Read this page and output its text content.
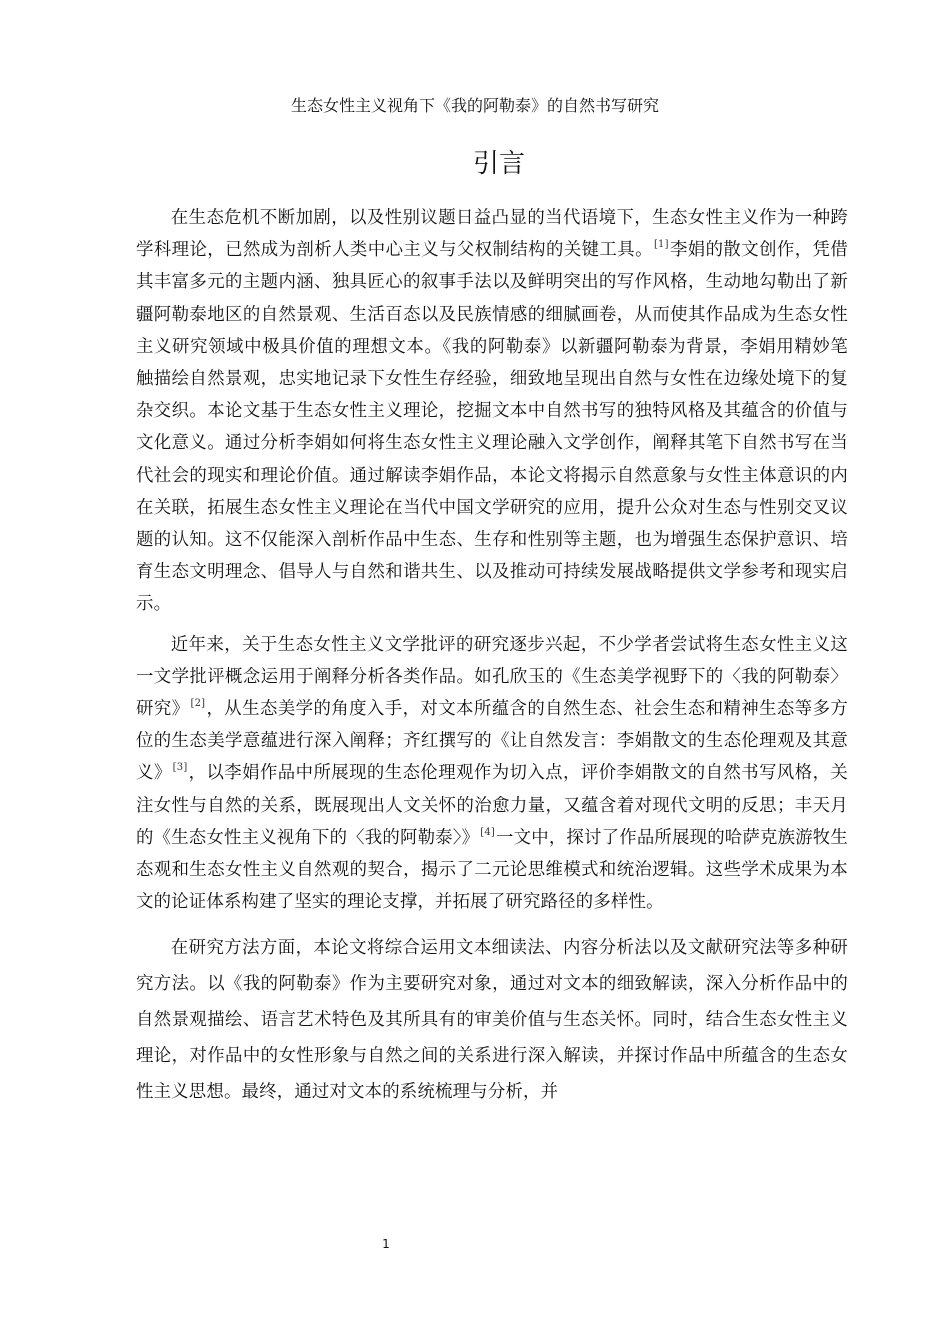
生态女性主义视角下《我的阿勒泰》的自然书写研究
引言

在生态危机不断加剧，以及性别议题日益凸显的当代语境下，生态女性主义作为一种跨学科理论，已然成为剖析人类中心主义与父权制结构的关键工具。[1]李娟的散文创作，凭借其丰富多元的主题内涵、独具匠心的叙事手法以及鲜明突出的写作风格，生动地勾勒出了新疆阿勒泰地区的自然景观、生活百态以及民族情感的细腻画卷，从而使其作品成为生态女性主义研究领域中极具价值的理想文本。《我的阿勒泰》以新疆阿勒泰为背景，李娟用精妙笔触描绘自然景观，忠实地记录下女性生存经验，细致地呈现出自然与女性在边缘处境下的复杂交织。本论文基于生态女性主义理论，挖掘文本中自然书写的独特风格及其蕴含的价值与文化意义。通过分析李娟如何将生态女性主义理论融入文学创作，阐释其笔下自然书写在当代社会的现实和理论价值。通过解读李娟作品，本论文将揭示自然意象与女性主体意识的内在关联，拓展生态女性主义理论在当代中国文学研究的应用，提升公众对生态与性别交叉议题的认知。这不仅能深入剖析作品中生态、生存和性别等主题，也为增强生态保护意识、培育生态文明理念、倡导人与自然和谐共生、以及推动可持续发展战略提供文学参考和现实启示。

近年来，关于生态女性主义文学批评的研究逐步兴起，不少学者尝试将生态女性主义这一文学批评概念运用于阐释分析各类作品。如孔欣玉的《生态美学视野下的〈我的阿勒泰〉研究》[2]，从生态美学的角度入手，对文本所蕴含的自然生态、社会生态和精神生态等多方位的生态美学意蕴进行深入阐释；齐红撰写的《让自然发言：李娟散文的生态伦理观及其意义》[3]，以李娟作品中所展现的生态伦理观作为切入点，评价李娟散文的自然书写风格，关注女性与自然的关系，既展现出人文关怀的治愈力量，又蕴含着对现代文明的反思；丰天月的《生态女性主义视角下的〈我的阿勒泰〉》[4]一文中，探讨了作品所展现的哈萨克族游牧生态观和生态女性主义自然观的契合，揭示了二元论思维模式和统治逻辑。这些学术成果为本文的论证体系构建了坚实的理论支撑，并拓展了研究路径的多样性。

在研究方法方面，本论文将综合运用文本细读法、内容分析法以及文献研究法等多种研究方法。以《我的阿勒泰》作为主要研究对象，通过对文本的细致解读，深入分析作品中的自然景观描绘、语言艺术特色及其所具有的审美价值与生态关怀。同时，结合生态女性主义理论，对作品中的女性形象与自然之间的关系进行深入解读，并探讨作品中所蕴含的生态女性主义思想。最终，通过对文本的系统梳理与分析，并

1
